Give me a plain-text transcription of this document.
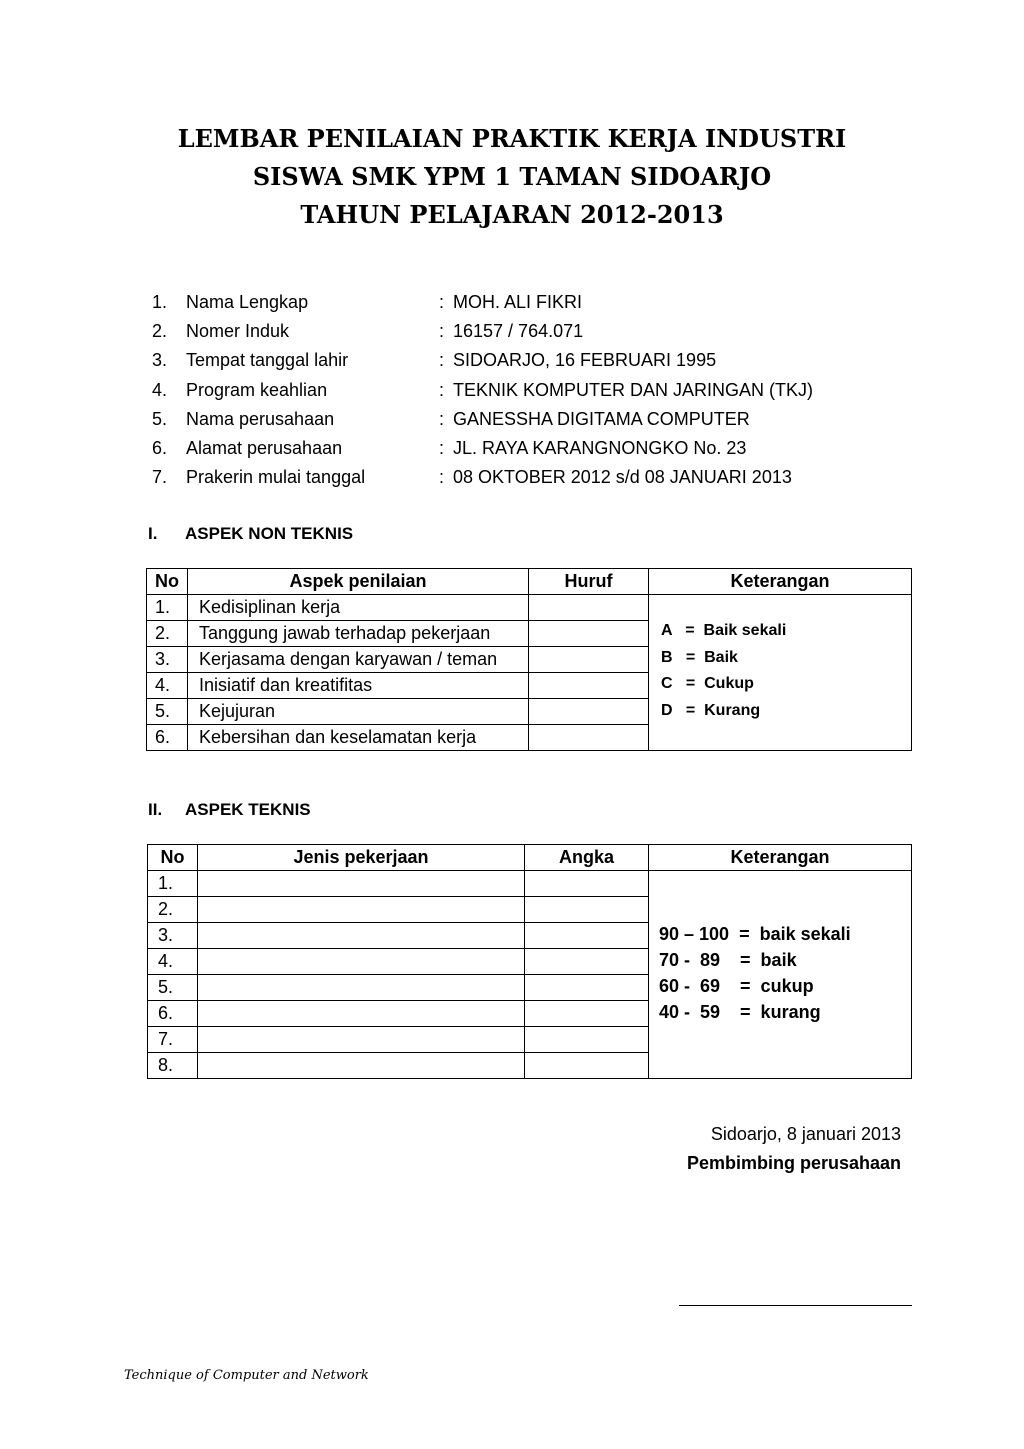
LEMBAR PENILAIAN PRAKTIK KERJA INDUSTRI
SISWA SMK YPM 1 TAMAN SIDOARJO
TAHUN PELAJARAN 2012-2013
1.	Nama Lengkap	: MOH. ALI FIKRI
2.	Nomer Induk	: 16157 / 764.071
3.	Tempat tanggal lahir	: SIDOARJO, 16 FEBRUARI 1995
4.	Program keahlian	: TEKNIK KOMPUTER DAN JARINGAN (TKJ)
5.	Nama perusahaan	: GANESSHA DIGITAMA COMPUTER
6.	Alamat perusahaan	: JL. RAYA KARANGNONGKO No. 23
7.	Prakerin mulai tanggal	: 08 OKTOBER 2012 s/d 08 JANUARI 2013
I. ASPEK NON TEKNIS
No	Aspek penilaian	Huruf	Keterangan
1.	Kedisiplinan kerja		A   =  Baik sekali
B   =  Baik
C   =  Cukup
D   =  Kurang

2.	Tanggung jawab terhadap pekerjaan		
3.	Kerjasama dengan karyawan / teman		
4.	Inisiatif dan kreatifitas		
5.	Kejujuran		
6.	Kebersihan dan keselamatan kerja		
II. ASPEK TEKNIS
No	Jenis pekerjaan	Angka	Keterangan
1.			90 – 100  =  baik sekali
70 -  89    =  baik
60 -  69    =  cukup
40 -  59    =  kurang

2.			
3.			
4.			
5.			
6.			
7.			
8.			
Sidoarjo, 8 januari 2013
Pembimbing perusahaan
Technique of Computer and Network
